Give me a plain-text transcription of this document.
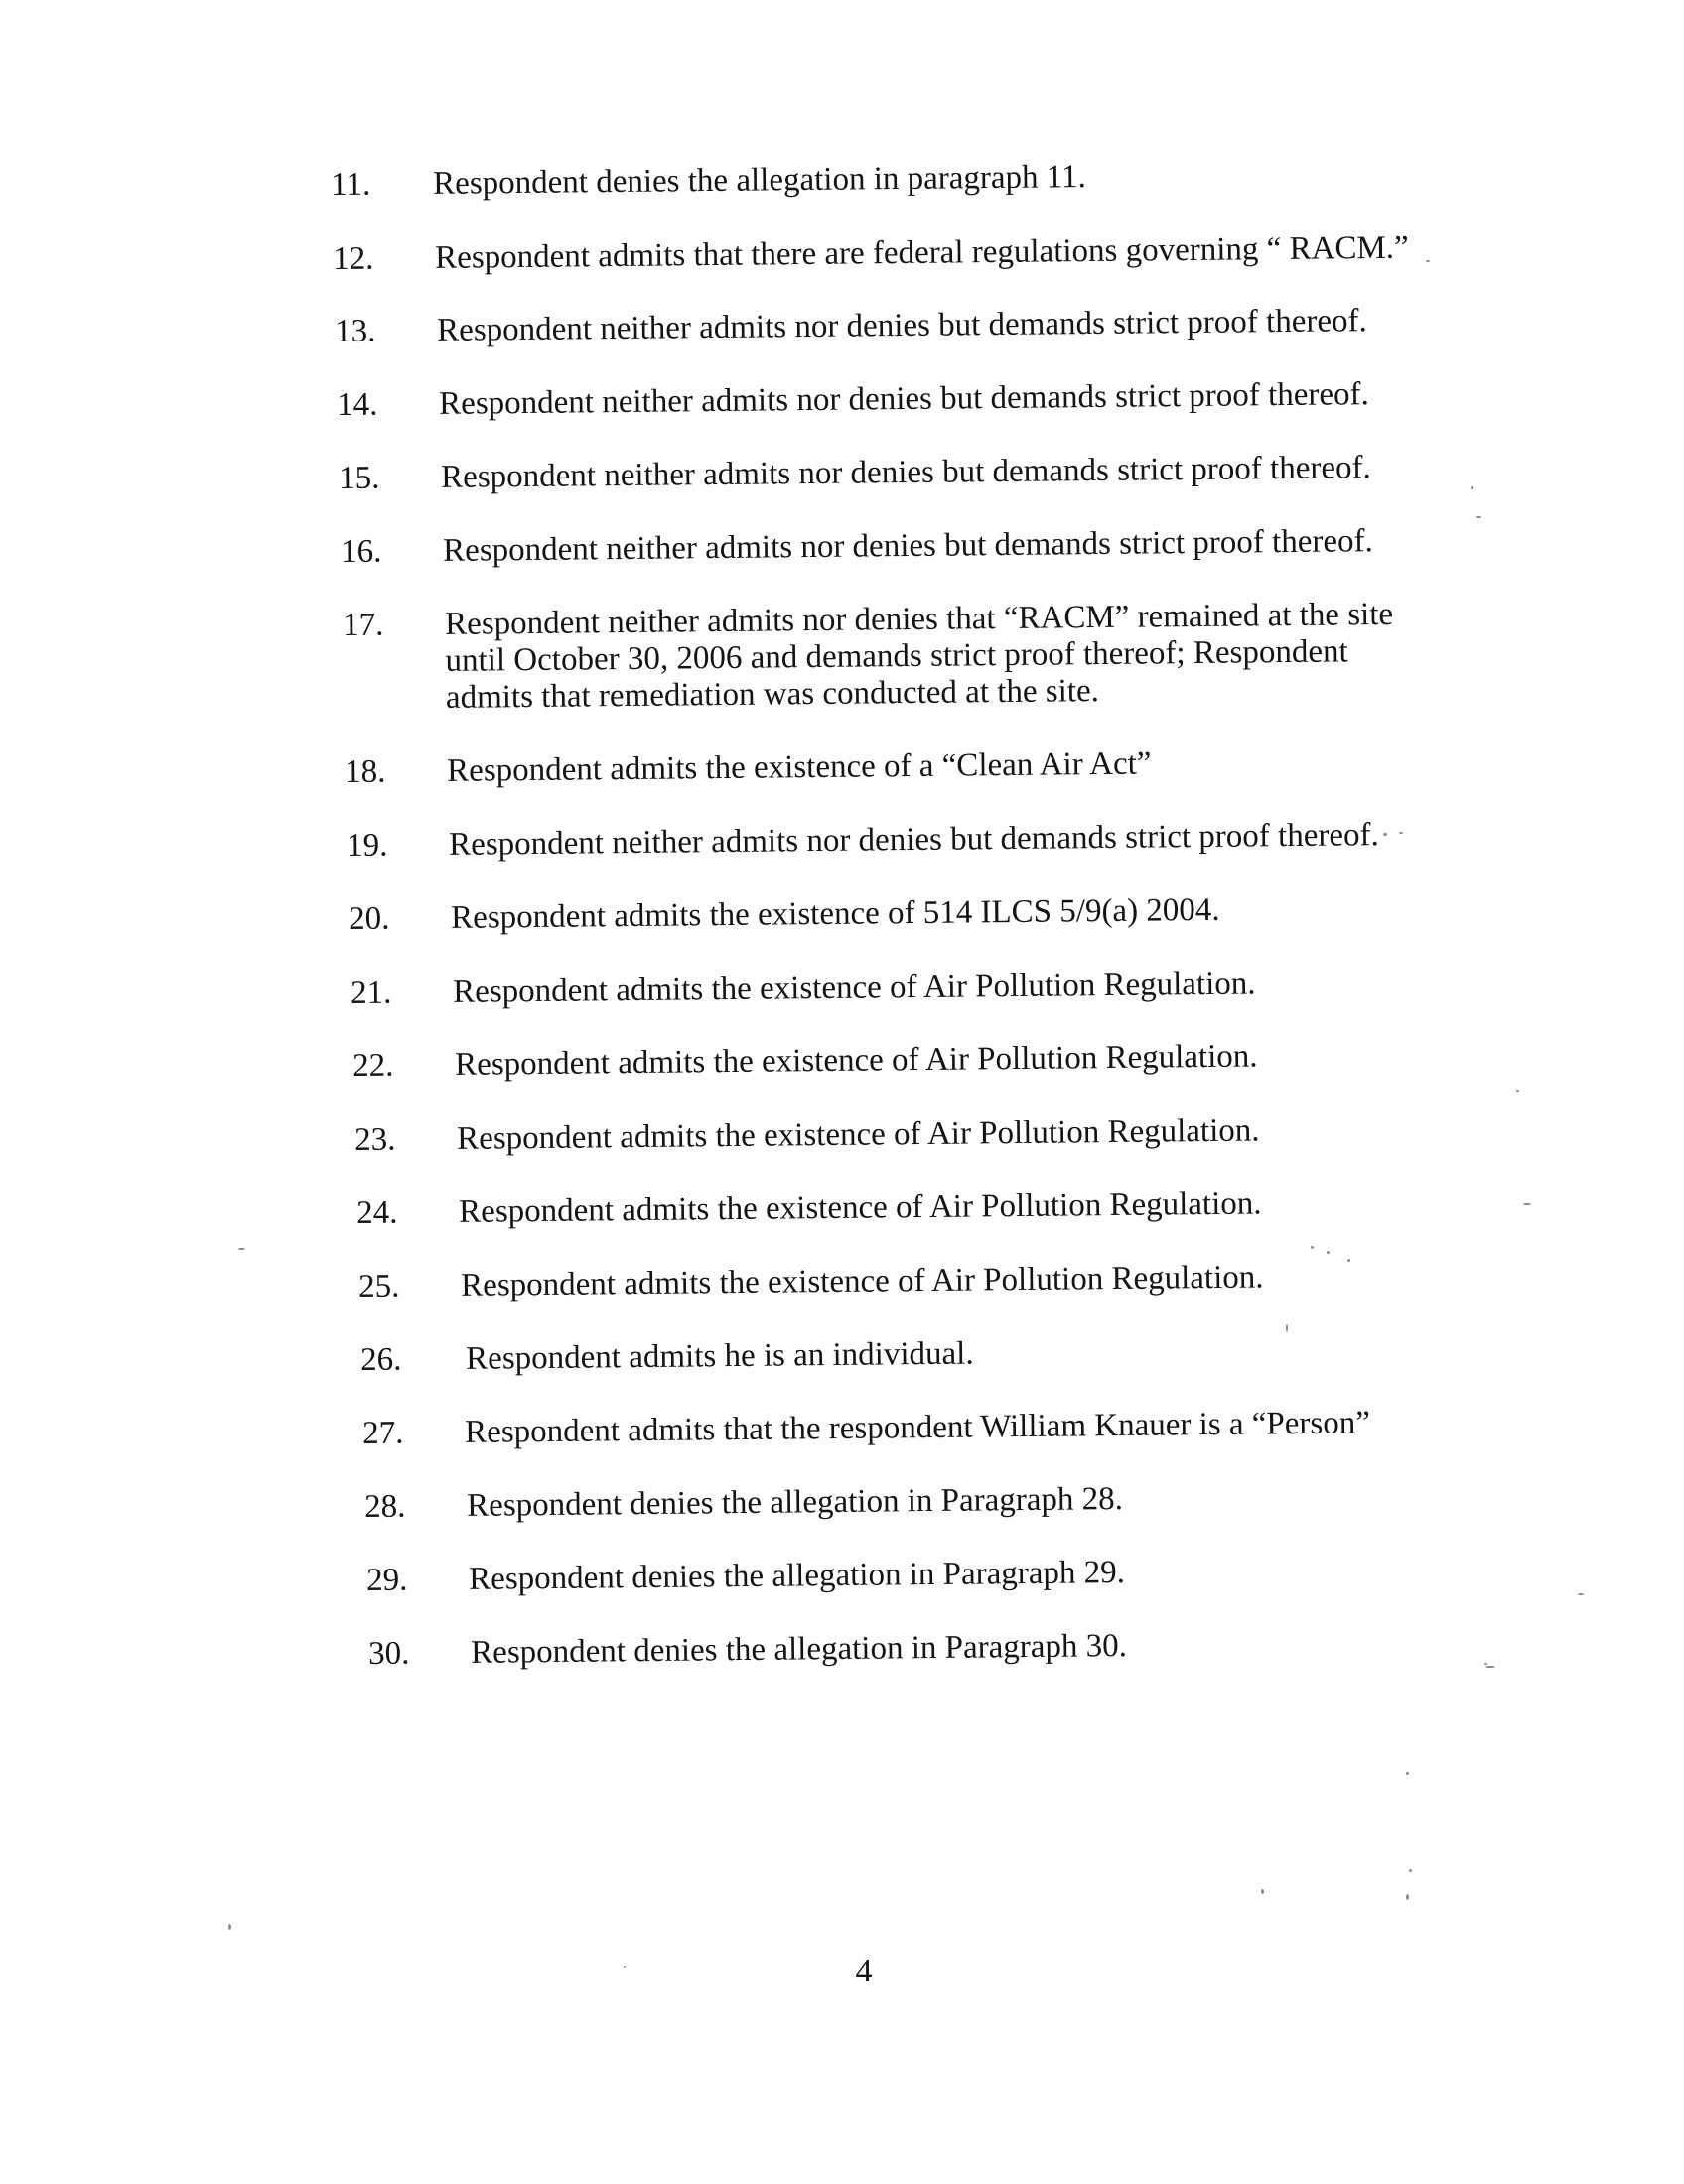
11.	Respondent denies the allegation in paragraph 11.
12.	Respondent admits that there are federal regulations governing “ RACM.”
13.	Respondent neither admits nor denies but demands strict proof thereof.
14.	Respondent neither admits nor denies but demands strict proof thereof.
15.	Respondent neither admits nor denies but demands strict proof thereof.
16.	Respondent neither admits nor denies but demands strict proof thereof.
17.	Respondent neither admits nor denies that “RACM” remained at the site until October 30, 2006 and demands strict proof thereof; Respondent admits that remediation was conducted at the site.
18.	Respondent admits the existence of a “Clean Air Act”
19.	Respondent neither admits nor denies but demands strict proof thereof.
20.	Respondent admits the existence of 514 ILCS 5/9(a) 2004.
21.	Respondent admits the existence of Air Pollution Regulation.
22.	Respondent admits the existence of Air Pollution Regulation.
23.	Respondent admits the existence of Air Pollution Regulation.
24.	Respondent admits the existence of Air Pollution Regulation.
25.	Respondent admits the existence of Air Pollution Regulation.
26.	Respondent admits he is an individual.
27.	Respondent admits that the respondent William Knauer is a “Person”
28.	Respondent denies the allegation in Paragraph 28.
29.	Respondent denies the allegation in Paragraph 29.
30.	Respondent denies the allegation in Paragraph 30.
4
